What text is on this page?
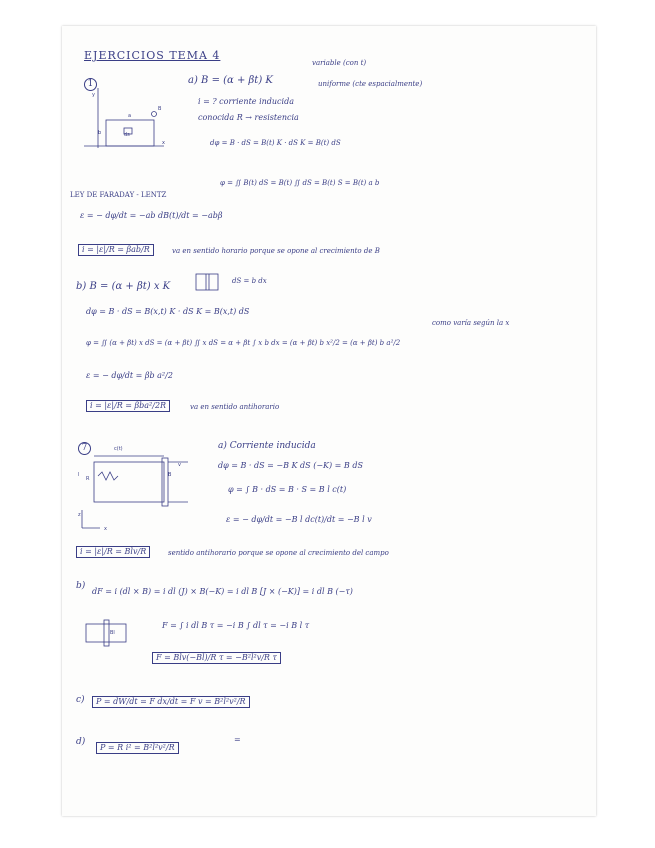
EJERCICIOS TEMA 4
1	a) B = (α + βt) K
variable (con t)
uniforme (cte espacialmente)
i = ? corriente inducida
conocida R → resistencia
y
x
a
b	ds
B
dφ = B · dS = B(t) K · dS K = B(t) dS
φ = ∬ B(t) dS = B(t) ∬ dS = B(t) S = B(t) a b
LEY DE FARADAY - LENTZ
ε = − dφ/dt = −ab dB(t)/dt = −abβ
i = |ε|/R = βab/R	va en sentido horario porque se opone al crecimiento de B
b) B = (α + βt) x K	dS = b dx
dφ = B · dS = B(x,t) K · dS K = B(x,t) dS
como varía según la x
φ = ∬ (α + βt) x dS = (α + βt) ∬ x dS = α + βt ∫ x b dx = (α + βt) b x²/2 = (α + βt) b a²/2
ε = − dφ/dt = βb a²/2
i = |ε|/R = βba²/2R	va en sentido antihorario
7	c(t)
R
l
v
B
x
z
a) Corriente inducida
dφ = B · dS = −B K dS (−K) = B dS
φ = ∫ B · dS = B · S = B l c(t)
ε = − dφ/dt = −B l dc(t)/dt = −B l v
i = |ε|/R = Blv/R	sentido antihorario porque se opone al crecimiento del campo
b)
dF = i (dl × B) = i dl (J) × B(−K) = i dl B [J × (−K)] = i dl B (−τ)
Bl
F = ∫ i dl B τ = −i B ∫ dl τ = −i B l τ
F = Blv(−Bl)/R τ = −B²l²v/R τ
c)	P = dW/dt = F dx/dt = F v = B²l²v²/R
d)
P = R i² = B²l²v²/R
=
